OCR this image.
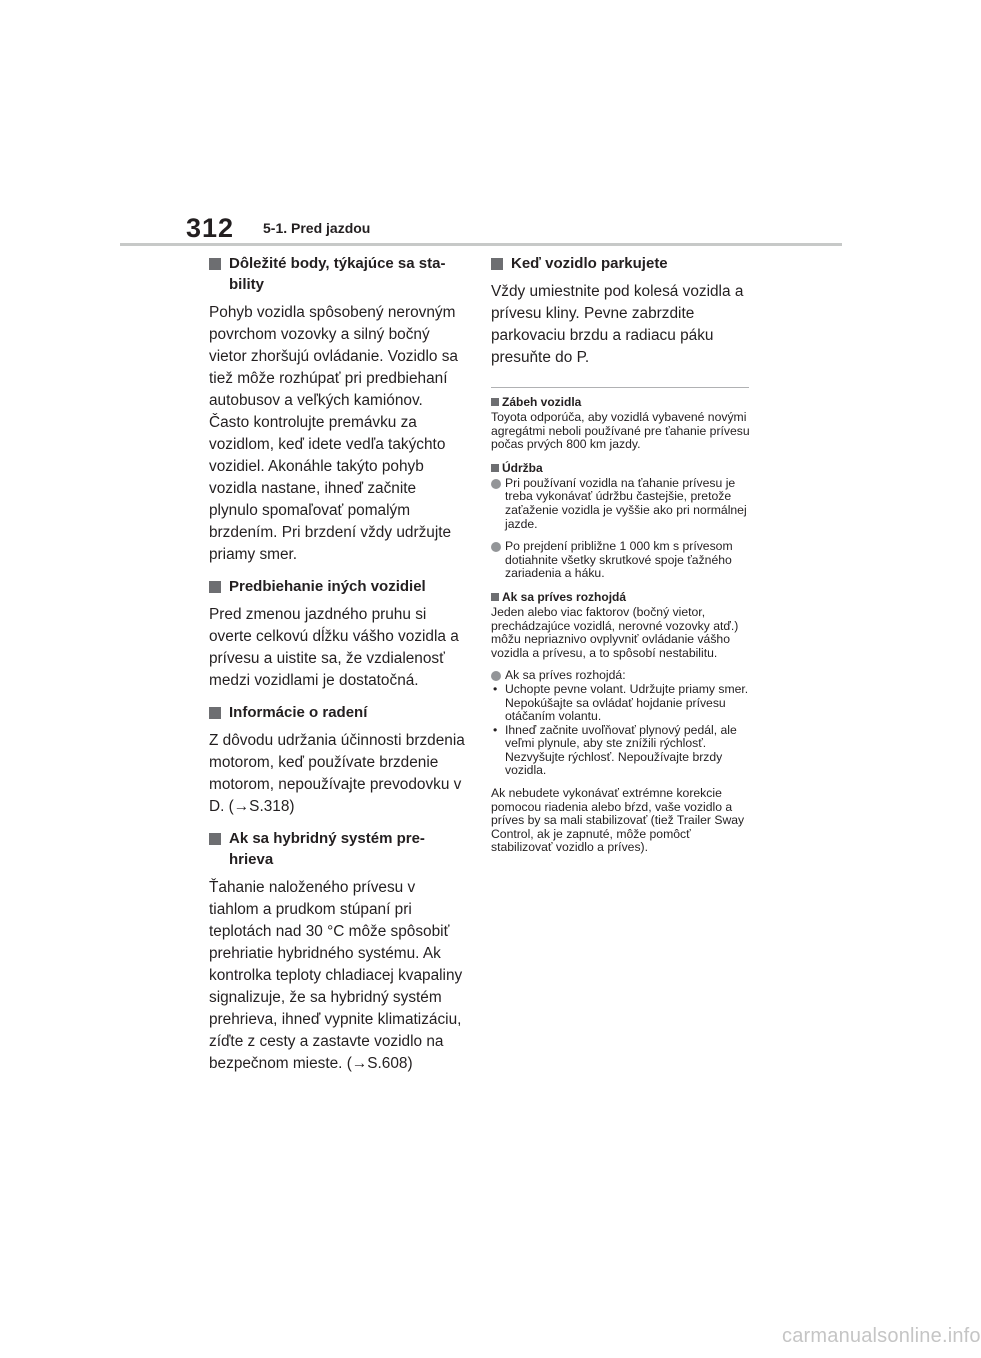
312 5-1. Pred jazdou
Dôležité body, týkajúce sa sta-
bility

Pohyb vozidla spôsobený nerovným povrchom vozovky a silný bočný vietor zhoršujú ovládanie. Vozidlo sa tiež môže rozhúpať pri predbiehaní autobusov a veľkých kamiónov. Často kontrolujte premávku za vozidlom, keď idete vedľa takýchto vozidiel. Akonáhle takýto pohyb vozidla nastane, ihneď začnite plynulo spomaľovať pomalým brzdením. Pri brzdení vždy udržujte priamy smer.

Predbiehanie iných vozidiel

Pred zmenou jazdného pruhu si overte celkovú dĺžku vášho vozidla a prívesu a uistite sa, že vzdialenosť medzi vozidlami je dostatočná.

Informácie o radení

Z dôvodu udržania účinnosti brzdenia motorom, keď používate brzdenie motorom, nepoužívajte prevodovku v D. (→S.318)

Ak sa hybridný systém pre-
hrieva

Ťahanie naloženého prívesu v tiahlom a prudkom stúpaní pri teplotách nad 30 °C môže spôsobiť prehriatie hybridného systému. Ak kontrolka teploty chladiacej kvapaliny signalizuje, že sa hybridný systém prehrieva, ihneď vypnite klimatizáciu, zíďte z cesty a zastavte vozidlo na bezpečnom mieste. (→S.608)

Keď vozidlo parkujete

Vždy umiestnite pod kolesá vozidla a prívesu kliny. Pevne zabrzdite parkovaciu brzdu a radiacu páku presuňte do P.

Zábeh vozidla

Toyota odporúča, aby vozidlá vybavené novými agregátmi neboli používané pre ťahanie prívesu počas prvých 800 km jazdy.

Údržba
Pri používaní vozidla na ťahanie prívesu je treba vykonávať údržbu častejšie, pretože zaťaženie vozidla je vyššie ako pri normálnej jazde.
Po prejdení približne 1 000 km s prívesom dotiahnite všetky skrutkové spoje ťažného zariadenia a háku.
Ak sa príves rozhojdá

Jeden alebo viac faktorov (bočný vietor, prechádzajúce vozidlá, nerovné vozovky atď.) môžu nepriaznivo ovplyvniť ovládanie vášho vozidla a prívesu, a to spôsobí nestabilitu.

Ak sa príves rozhojdá:
• Uchopte pevne volant. Udržujte priamy smer.

Nepokúšajte sa ovládať hojdanie prívesu otáčaním volantu.

• Ihneď začnite uvoľňovať plynový pedál, ale veľmi plynule, aby ste znížili rýchlosť.

Nezvyšujte rýchlosť. Nepoužívajte brzdy vozidla.

Ak nebudete vykonávať extrémne korekcie pomocou riadenia alebo bŕzd, vaše vozidlo a príves by sa mali stabilizovať (tiež Trailer Sway Control, ak je zapnuté, môže pomôcť stabilizovať vozidlo a príves).

carmanualsonline.info
